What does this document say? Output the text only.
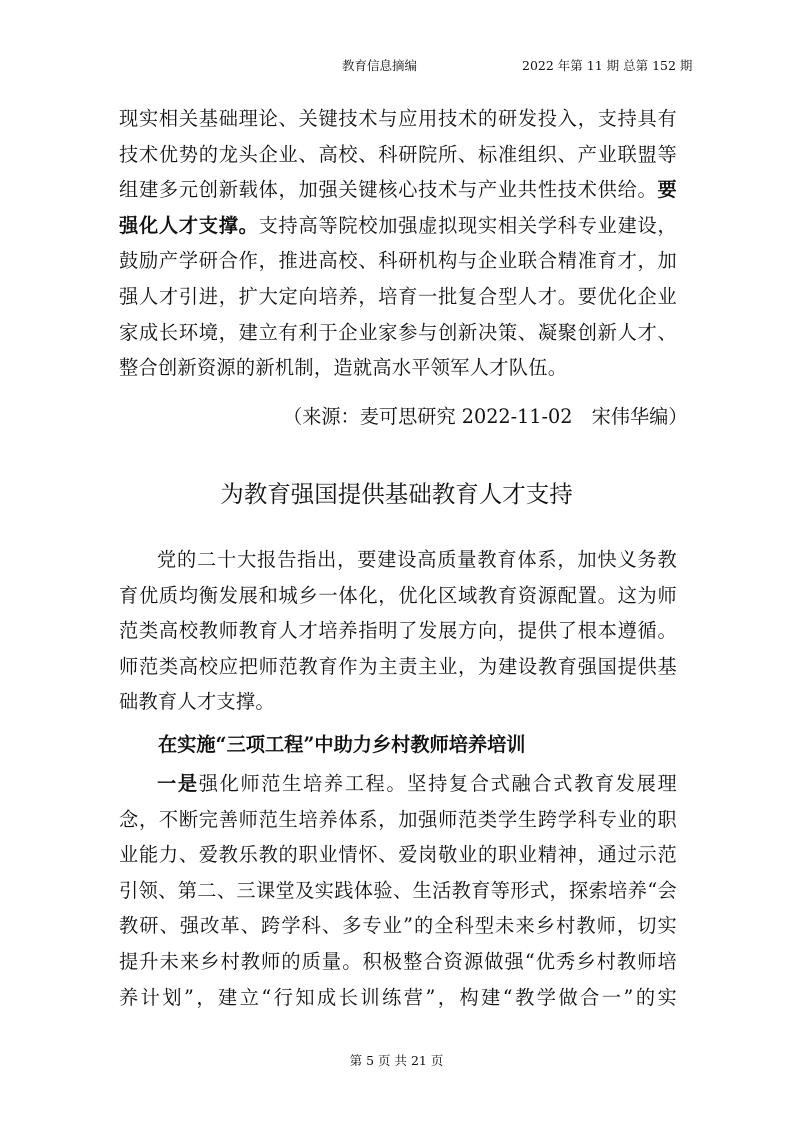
教育信息摘编	2022 年第 11 期 总第 152 期
现实相关基础理论、关键技术与应用技术的研发投入，支持具有
技术优势的龙头企业、高校、科研院所、标准组织、产业联盟等
组建多元创新载体，加强关键核心技术与产业共性技术供给。要
强化人才支撑。支持高等院校加强虚拟现实相关学科专业建设，
鼓励产学研合作，推进高校、科研机构与企业联合精准育才，加
强人才引进，扩大定向培养，培育一批复合型人才。要优化企业
家成长环境，建立有利于企业家参与创新决策、凝聚创新人才、
整合创新资源的新机制，造就高水平领军人才队伍。
（来源：麦可思研究 2022-11-02　宋伟华编）
为教育强国提供基础教育人才支持
党的二十大报告指出，要建设高质量教育体系，加快义务教
育优质均衡发展和城乡一体化，优化区域教育资源配置。这为师
范类高校教师教育人才培养指明了发展方向，提供了根本遵循。
师范类高校应把师范教育作为主责主业，为建设教育强国提供基
础教育人才支撑。
在实施“三项工程”中助力乡村教师培养培训
一是强化师范生培养工程。坚持复合式融合式教育发展理
念，不断完善师范生培养体系，加强师范类学生跨学科专业的职
业能力、爱教乐教的职业情怀、爱岗敬业的职业精神，通过示范
引领、第二、三课堂及实践体验、生活教育等形式，探索培养“会
教研、强改革、跨学科、多专业”的全科型未来乡村教师，切实
提升未来乡村教师的质量。积极整合资源做强“优秀乡村教师培
养计划”，建立“行知成长训练营”，构建“教学做合一”的实
第 5 页 共 21 页
